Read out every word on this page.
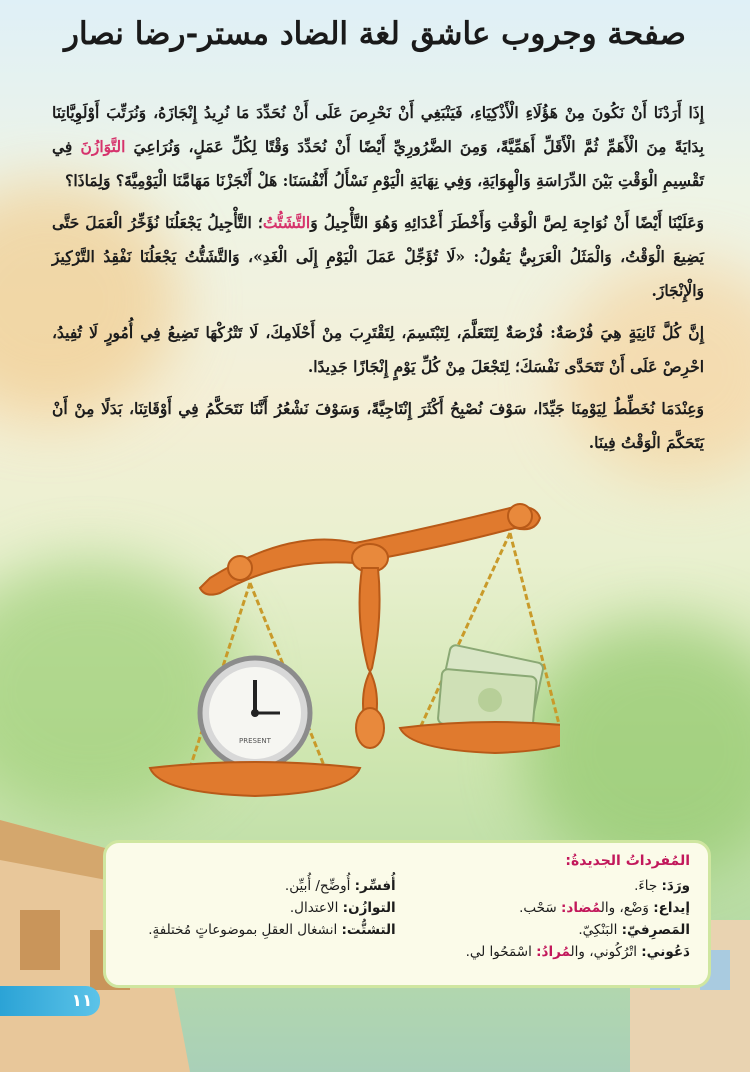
صفحة وجروب عاشق لغة الضاد مستر-رضا نصار

إِذَا أَرَدْنَا أَنْ نَكُونَ مِنْ هَؤُلَاءِ الْأَذْكِيَاءِ، فَيَنْبَغِي أَنْ نَحْرِصَ عَلَى أَنْ نُحَدِّدَ مَا نُرِيدُ إِنْجَازَهُ، وَنُرَتِّبَ أَوْلَوِيَّاتِنَا بِدَايَةً مِنَ الْأَهَمِّ ثُمَّ الْأَقَلِّ أَهَمِّيَّةً، وَمِنَ الضَّرُورِيِّ أَيْضًا أَنْ نُحَدِّدَ وَقْتًا لِكُلِّ عَمَلٍ، وَنُرَاعِيَ التَّوَازُنَ فِي تَقْسِيمِ الْوَقْتِ بَيْنَ الدِّرَاسَةِ وَالْهِوَايَةِ، وَفِي نِهَايَةِ الْيَوْمِ نَسْأَلُ أَنْفُسَنَا: هَلْ أَنْجَزْنَا مَهَامَّنَا الْيَوْمِيَّةَ؟ وَلِمَاذَا؟

وَعَلَيْنَا أَيْضًا أَنْ نُوَاجِهَ لِصَّ الْوَقْتِ وَأَخْطَرَ أَعْدَائِهِ وَهُوَ التَّأْجِيلُ وَالتَّشَتُّتُ؛ التَّأْجِيلُ يَجْعَلُنَا نُؤَخِّرُ الْعَمَلَ حَتَّى يَضِيعَ الْوَقْتُ، وَالْمَثَلُ الْعَرَبِيُّ يَقُولُ: «لَا تُؤَجِّلْ عَمَلَ الْيَوْمِ إِلَى الْغَدِ»، وَالتَّشَتُّتُ يَجْعَلُنَا نَفْقِدُ التَّرْكِيزَ وَالْإِنْجَازَ.

إِنَّ كُلَّ ثَانِيَةٍ هِيَ فُرْصَةٌ: فُرْصَةٌ لِتَتَعَلَّمَ، لِتَبْتَسِمَ، لِتَقْتَرِبَ مِنْ أَحْلَامِكَ، لَا تَتْرُكْهَا تَضِيعُ فِي أُمُورٍ لَا تُفِيدُ، احْرِصْ عَلَى أَنْ تَتَحَدَّى نَفْسَكَ؛ لِتَجْعَلَ مِنْ كُلِّ يَوْمٍ إِنْجَازًا جَدِيدًا.

وَعِنْدَمَا نُخَطِّطُ لِيَوْمِنَا جَيِّدًا، سَوْفَ نُصْبِحُ أَكْثَرَ إِنْتَاجِيَّةً، وَسَوْفَ نَشْعُرُ أَنَّنَا نَتَحَكَّمُ فِي أَوْقَاتِنَا، بَدَلًا مِنْ أَنْ يَتَحَكَّمَ الْوَقْتُ فِينَا.

PRESENT
المُفرداتُ الجديدةُ:
ورَدَ: جاءَ.
إيداع: وَضْع، والمُضاد: سَحْب.
المَصرِفيّ: البَنْكِيّ.
دَعُوني: اتْرُكُوني، والمُرادُ: اسْمَحُوا لي.
أُفسِّر: أُوضِّح/ أُبيِّن.
التوازُن: الاعتدال.
التشتُّت: انشغال العقلِ بموضوعاتٍ مُختلفةٍ.
١١
